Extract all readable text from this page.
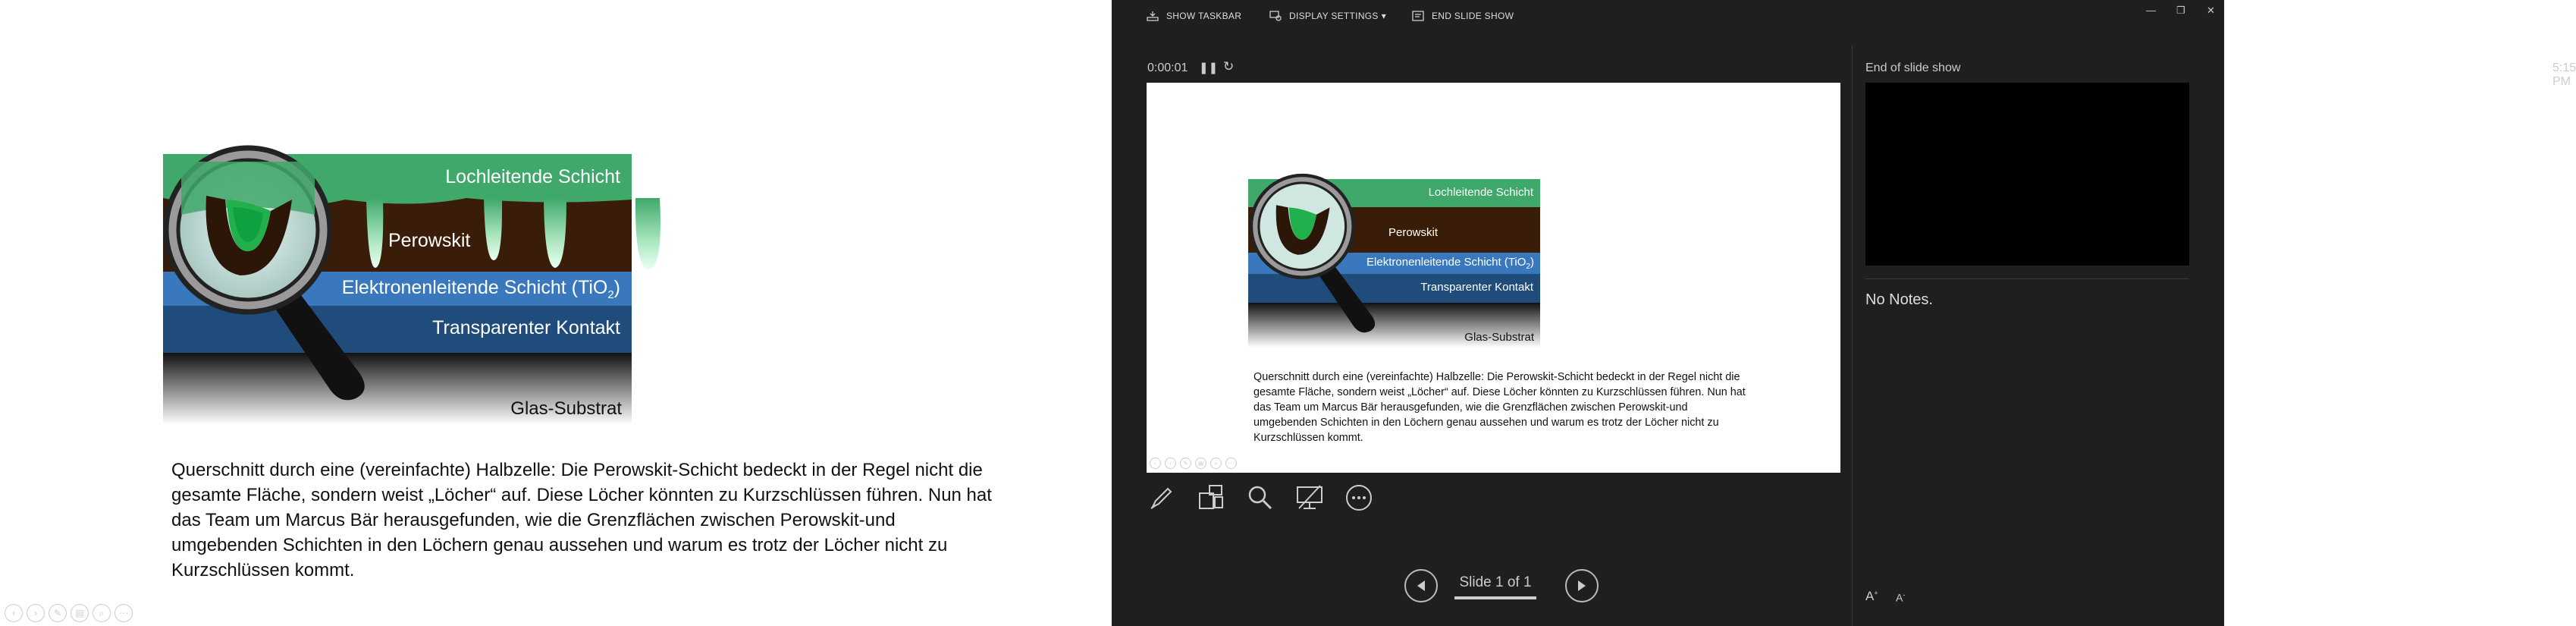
Lochleitende Schicht
Perowskit
Elektronenleitende Schicht (TiO$_2$)
Transparenter Kontakt
Glas-Substrat
Querschnitt durch eine (vereinfachte) Halbzelle: Die Perowskit-Schicht bedeckt in der Regel nicht die
gesamte Fläche, sondern weist „Löcher“ auf. Diese Löcher könnten zu Kurzschlüssen führen. Nun hat
das Team um Marcus Bär herausgefunden, wie die Grenzflächen zwischen Perowskit-und
umgebenden Schichten in den Löchern genau aussehen und warum es trotz der Löcher nicht zu
Kurzschlüssen kommt.
‹	›	✎	▤	⌕	⋯
SHOW TASKBAR	DISPLAY SETTINGS ▾	END SLIDE SHOW	— ❐ ✕
0:00:01 ❚❚ ↻	5:15 PM
Lochleitende Schicht
Perowskit
Elektronenleitende Schicht (TiO$_2$)
Transparenter Kontakt
Glas-Substrat
Querschnitt durch eine (vereinfachte) Halbzelle: Die Perowskit-Schicht bedeckt in der Regel nicht die
gesamte Fläche, sondern weist „Löcher“ auf. Diese Löcher könnten zu Kurzschlüssen führen. Nun hat
das Team um Marcus Bär herausgefunden, wie die Grenzflächen zwischen Perowskit-und
umgebenden Schichten in den Löchern genau aussehen und warum es trotz der Löcher nicht zu
Kurzschlüssen kommt.
‹	›	✎	▤	⌕	⋯
Slide 1 of 1
End of slide show
No Notes.
A+ A-
